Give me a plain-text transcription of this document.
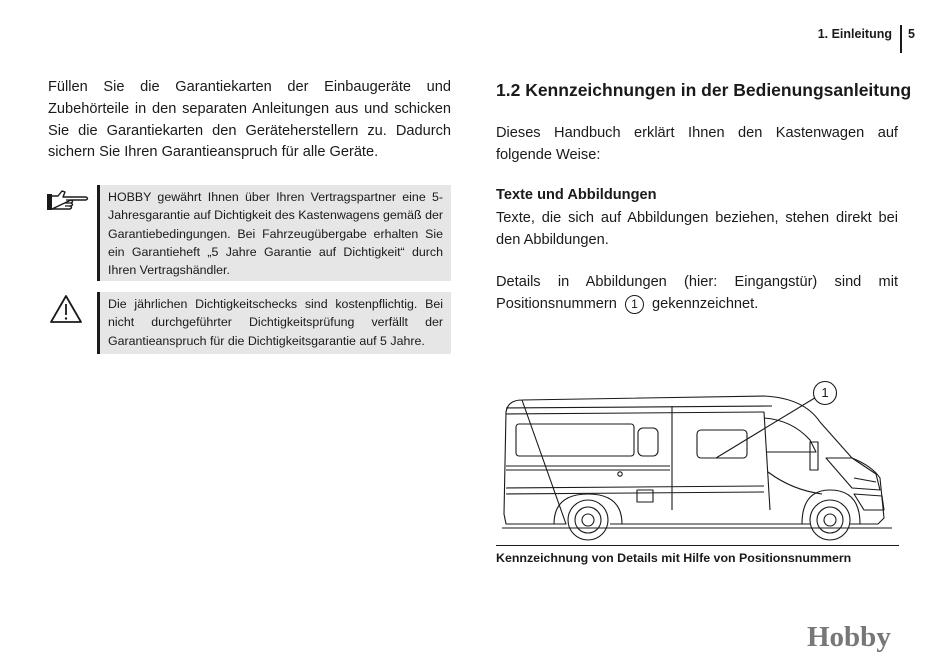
1. Einleitung 5
Füllen Sie die Garantiekarten der Einbaugeräte und Zubehörteile in den separaten Anleitungen aus und schicken Sie die Garantiekarten den Geräteherstellern zu. Dadurch sichern Sie Ihren Garantieanspruch für alle Geräte.
HOBBY gewährt Ihnen über Ihren Vertragspartner eine 5-Jahresgarantie auf Dichtigkeit des Kastenwagens gemäß der Garantiebedingungen. Bei Fahrzeugübergabe erhalten Sie ein Garantieheft „5 Jahre Garantie auf Dichtigkeit“ durch Ihren Vertragshändler.
Die jährlichen Dichtigkeitschecks sind kostenpflichtig. Bei nicht durchgeführter Dichtigkeitsprüfung verfällt der Garantieanspruch für die Dichtigkeitsgarantie auf 5 Jahre.
1.2 Kennzeichnungen in der Bedienungsanleitung
Dieses Handbuch erklärt Ihnen den Kastenwagen auf folgende Weise:
Texte und Abbildungen
Texte, die sich auf Abbildungen beziehen, stehen direkt bei den Abbildungen.
Details in Abbildungen (hier: Eingangstür) sind mit Positionsnummern 1 gekennzeichnet.
1
Kennzeichnung von Details mit Hilfe von Positionsnummern
Hobby
